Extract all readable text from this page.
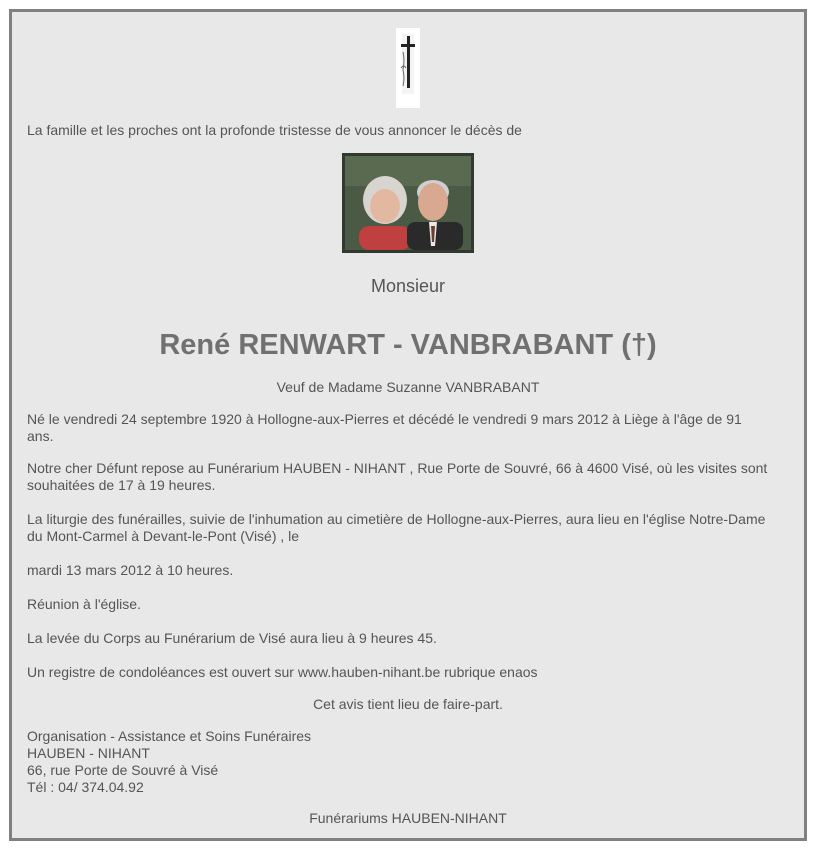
La famille et les proches ont la profonde tristesse de vous annoncer le décès de

Monsieur

René RENWART - VANBRABANT (†)

Veuf de Madame Suzanne VANBRABANT

Né le vendredi 24 septembre 1920 à Hollogne-aux-Pierres et décédé le vendredi 9 mars 2012 à Liège à l'âge de 91 ans.

Notre cher Défunt repose au Funérarium HAUBEN - NIHANT , Rue Porte de Souvré, 66 à 4600 Visé, où les visites sont souhaitées de 17 à 19 heures.

La liturgie des funérailles, suivie de l'inhumation au cimetière de Hollogne-aux-Pierres, aura lieu en l'église Notre-Dame du Mont-Carmel à Devant-le-Pont (Visé) , le

mardi 13 mars 2012 à 10 heures.

Réunion à l'église.

La levée du Corps au Funérarium de Visé aura lieu à 9 heures 45.

Un registre de condoléances est ouvert sur www.hauben-nihant.be rubrique enaos

Cet avis tient lieu de faire-part.

Organisation - Assistance et Soins Funéraires
HAUBEN - NIHANT
66, rue Porte de Souvré à Visé
Tél : 04/ 374.04.92

Funérariums HAUBEN-NIHANT
